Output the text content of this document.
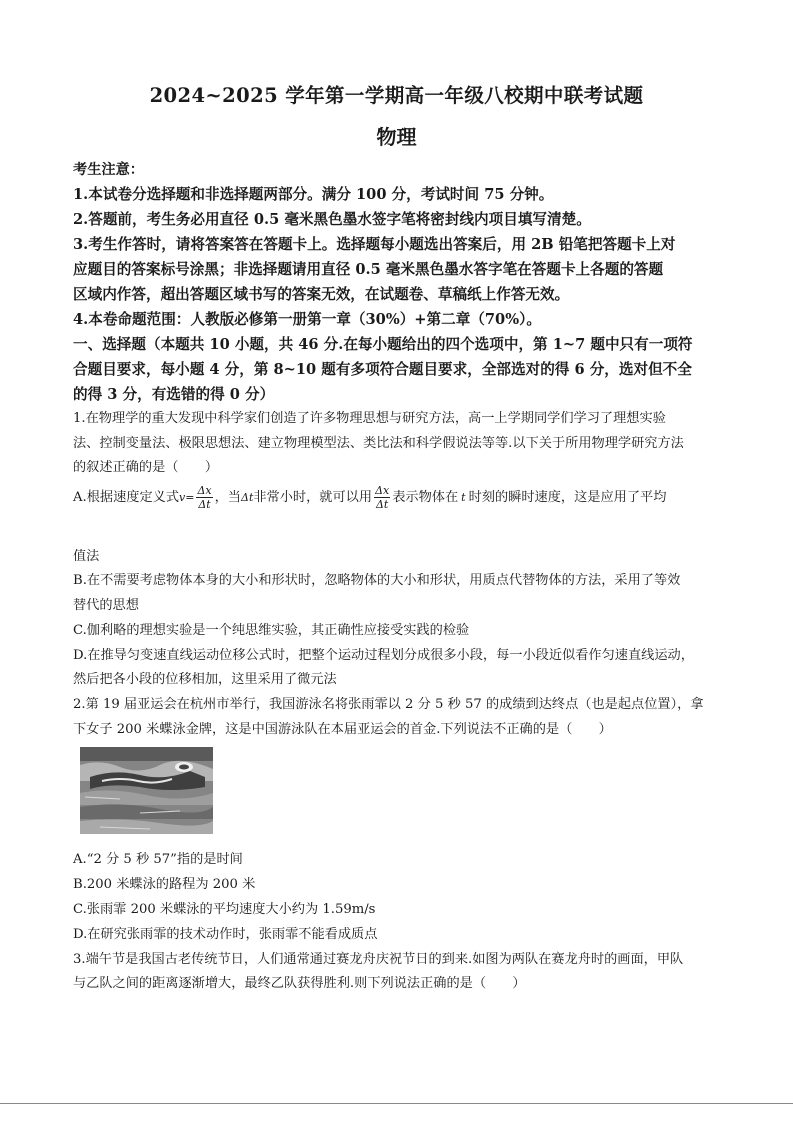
2024~2025 学年第一学期高一年级八校期中联考试题
物理
考生注意：
1.本试卷分选择题和非选择题两部分。满分 100 分，考试时间 75 分钟。
2.答题前，考生务必用直径 0.5 毫米黑色墨水签字笔将密封线内项目填写清楚。
3.考生作答时，请将答案答在答题卡上。选择题每小题选出答案后，用 2B 铅笔把答题卡上对
应题目的答案标号涂黑；非选择题请用直径 0.5 毫米黑色墨水答字笔在答题卡上各题的答题
区域内作答，超出答题区域书写的答案无效，在试题卷、草稿纸上作答无效。
4.本卷命题范围：人教版必修第一册第一章（30%）+第二章（70%）。
一、选择题（本题共 10 小题，共 46 分.在每小题给出的四个选项中，第 1~7 题中只有一项符
合题目要求，每小题 4 分，第 8~10 题有多项符合题目要求，全部选对的得 6 分，选对但不全
的得 3 分，有选错的得 0 分）
1.在物理学的重大发现中科学家们创造了许多物理思想与研究方法，高一上学期同学们学习了理想实验
法、控制变量法、极限思想法、建立物理模型法、类比法和科学假说法等等.以下关于所用物理学研究方法
的叙述正确的是（　　）
A.根据速度定义式$v= \frac{\Delta x}{\Delta t}$ ，当Δt非常小时，就可以用 $\frac{\Delta x}{\Delta t}$ 表示物体在 t 时刻的瞬时速度，这是应用了平均
值法
B.在不需要考虑物体本身的大小和形状时，忽略物体的大小和形状，用质点代替物体的方法，采用了等效
替代的思想
C.伽利略的理想实验是一个纯思维实验，其正确性应接受实践的检验
D.在推导匀变速直线运动位移公式时，把整个运动过程划分成很多小段，每一小段近似看作匀速直线运动，
然后把各小段的位移相加，这里采用了微元法
2.第 19 届亚运会在杭州市举行，我国游泳名将张雨霏以 2 分 5 秒 57 的成绩到达终点（也是起点位置），拿
下女子 200 米蝶泳金牌，这是中国游泳队在本届亚运会的首金.下列说法不正确的是（　　）
A.“2 分 5 秒 57”指的是时间
B.200 米蝶泳的路程为 200 米
C.张雨霏 200 米蝶泳的平均速度大小约为 1.59m/s
D.在研究张雨霏的技术动作时，张雨霏不能看成质点
3.端午节是我国古老传统节日，人们通常通过赛龙舟庆祝节日的到来.如图为两队在赛龙舟时的画面，甲队
与乙队之间的距离逐渐增大，最终乙队获得胜利.则下列说法正确的是（　　）
